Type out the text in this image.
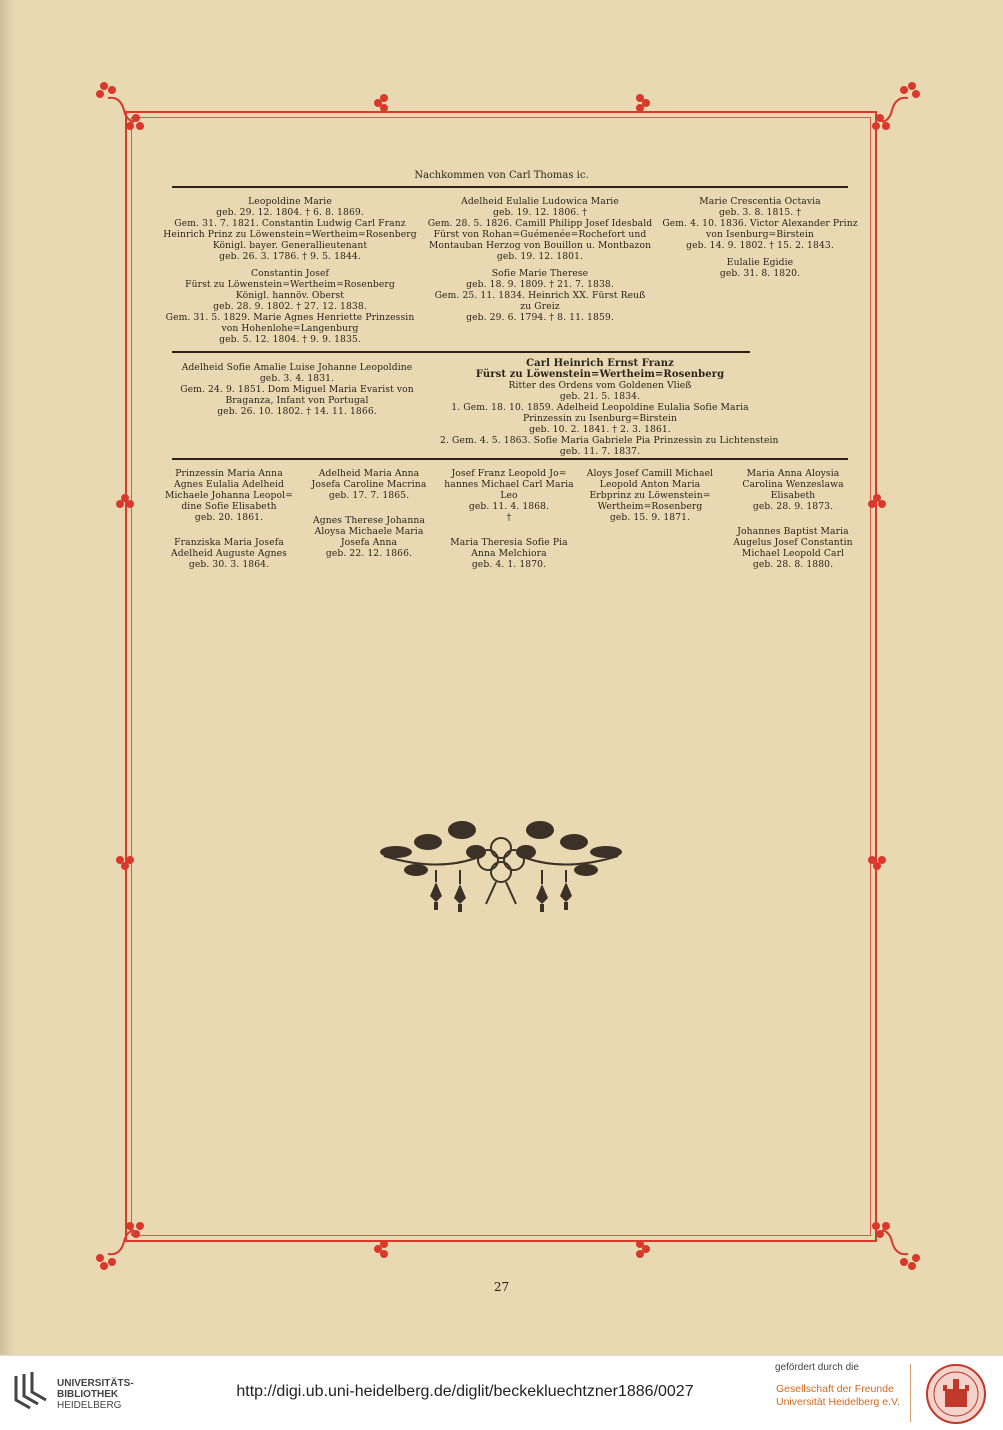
Nachkommen von Carl Thomas ic.
Leopoldine Marie
geb. 29. 12. 1804. † 6. 8. 1869.
Gem. 31. 7. 1821. Constantin Ludwig Carl Franz
Heinrich Prinz zu Löwenstein=Wertheim=Rosenberg
Königl. bayer. Generallieutenant
geb. 26. 3. 1786. † 9. 5. 1844.
Constantin Josef
Fürst zu Löwenstein=Wertheim=Rosenberg
Königl. hannöv. Oberst
geb. 28. 9. 1802. † 27. 12. 1838.
Gem. 31. 5. 1829. Marie Agnes Henriette Prinzessin
von Hohenlohe=Langenburg
geb. 5. 12. 1804. † 9. 9. 1835.
Adelheid Eulalie Ludowica Marie
geb. 19. 12. 1806. †
Gem. 28. 5. 1826. Camill Philipp Josef Idesbald
Fürst von Rohan=Guémenée=Rochefort und
Montauban Herzog von Bouillon u. Montbazon
geb. 19. 12. 1801.
Sofie Marie Therese
geb. 18. 9. 1809. † 21. 7. 1838.
Gem. 25. 11. 1834. Heinrich XX. Fürst Reuß
zu Greiz
geb. 29. 6. 1794. † 8. 11. 1859.
Marie Crescentia Octavia
geb. 3. 8. 1815. †
Gem. 4. 10. 1836. Victor Alexander Prinz
von Isenburg=Birstein
geb. 14. 9. 1802. † 15. 2. 1843.
Eulalie Egidie
geb. 31. 8. 1820.
Adelheid Sofie Amalie Luise Johanne Leopoldine
geb. 3. 4. 1831.
Gem. 24. 9. 1851. Dom Miguel Maria Evarist von
Braganza, Infant von Portugal
geb. 26. 10. 1802. † 14. 11. 1866.
Carl Heinrich Ernst Franz
Fürst zu Löwenstein=Wertheim=Rosenberg
Ritter des Ordens vom Goldenen Vließ
geb. 21. 5. 1834.
1. Gem. 18. 10. 1859. Adelheid Leopoldine Eulalia Sofie Maria
Prinzessin zu Isenburg=Birstein
geb. 10. 2. 1841. † 2. 3. 1861.
2. Gem. 4. 5. 1863. Sofie Maria Gabriele Pia Prinzessin zu Lichtenstein
geb. 11. 7. 1837.
Prinzessin Maria Anna
Agnes Eulalia Adelheid
Michaele Johanna Leopol=
dine Sofie Elisabeth
geb. 20. 1861.
Franziska Maria Josefa
Adelheid Auguste Agnes
geb. 30. 3. 1864.
Adelheid Maria Anna
Josefa Caroline Macrina
geb. 17. 7. 1865.
Agnes Therese Johanna
Aloysa Michaele Maria
Josefa Anna
geb. 22. 12. 1866.
Josef Franz Leopold Jo=
hannes Michael Carl Maria
Leo
geb. 11. 4. 1868.
†
Maria Theresia Sofie Pia
Anna Melchiora
geb. 4. 1. 1870.
Aloys Josef Camill Michael
Leopold Anton Maria
Erbprinz zu Löwenstein=
Wertheim=Rosenberg
geb. 15. 9. 1871.
Maria Anna Aloysia
Carolina Wenzeslawa
Elisabeth
geb. 28. 9. 1873.
Johannes Baptist Maria
Augelus Josef Constantin
Michael Leopold Carl
geb. 28. 8. 1880.
27
UNIVERSITÄTS-
BIBLIOTHEK
HEIDELBERG
http://digi.ub.uni-heidelberg.de/diglit/beckekluechtzner1886/0027
gefördert durch die
Gesellschaft der Freunde
Universität Heidelberg e.V.
